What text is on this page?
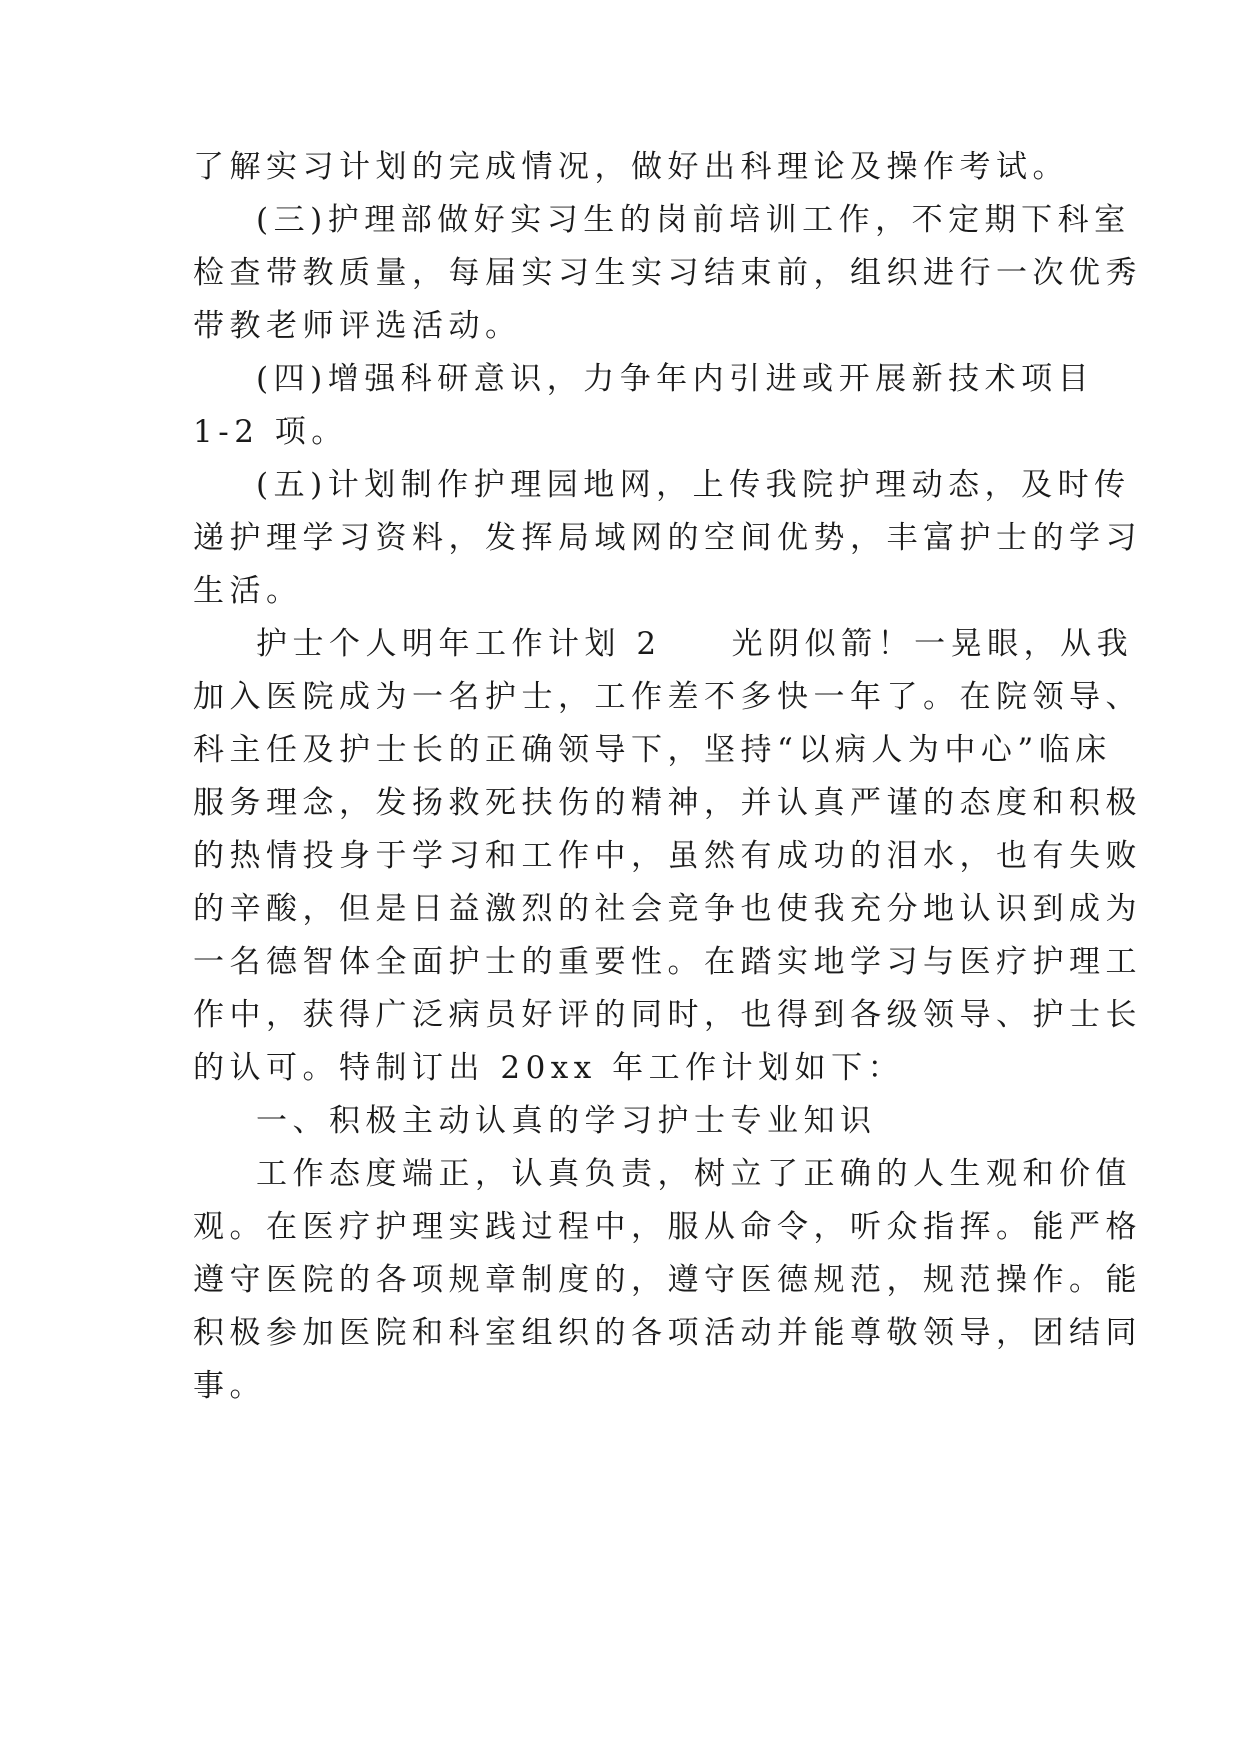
了解实习计划的完成情况，做好出科理论及操作考试。
(三)护理部做好实习生的岗前培训工作，不定期下科室
检查带教质量，每届实习生实习结束前，组织进行一次优秀
带教老师评选活动。
(四)增强科研意识，力争年内引进或开展新技术项目
1-2 项。
(五)计划制作护理园地网，上传我院护理动态，及时传
递护理学习资料，发挥局域网的空间优势，丰富护士的学习
生活。
护士个人明年工作计划 2 光阴似箭！一晃眼，从我
加入医院成为一名护士，工作差不多快一年了。在院领导、
科主任及护士长的正确领导下，坚持“以病人为中心”临床
服务理念，发扬救死扶伤的精神，并认真严谨的态度和积极
的热情投身于学习和工作中，虽然有成功的泪水，也有失败
的辛酸，但是日益激烈的社会竞争也使我充分地认识到成为
一名德智体全面护士的重要性。在踏实地学习与医疗护理工
作中，获得广泛病员好评的同时，也得到各级领导、护士长
的认可。特制订出 20xx 年工作计划如下：
一、积极主动认真的学习护士专业知识
工作态度端正，认真负责，树立了正确的人生观和价值
观。在医疗护理实践过程中，服从命令，听众指挥。能严格
遵守医院的各项规章制度的，遵守医德规范，规范操作。能
积极参加医院和科室组织的各项活动并能尊敬领导，团结同
事。
